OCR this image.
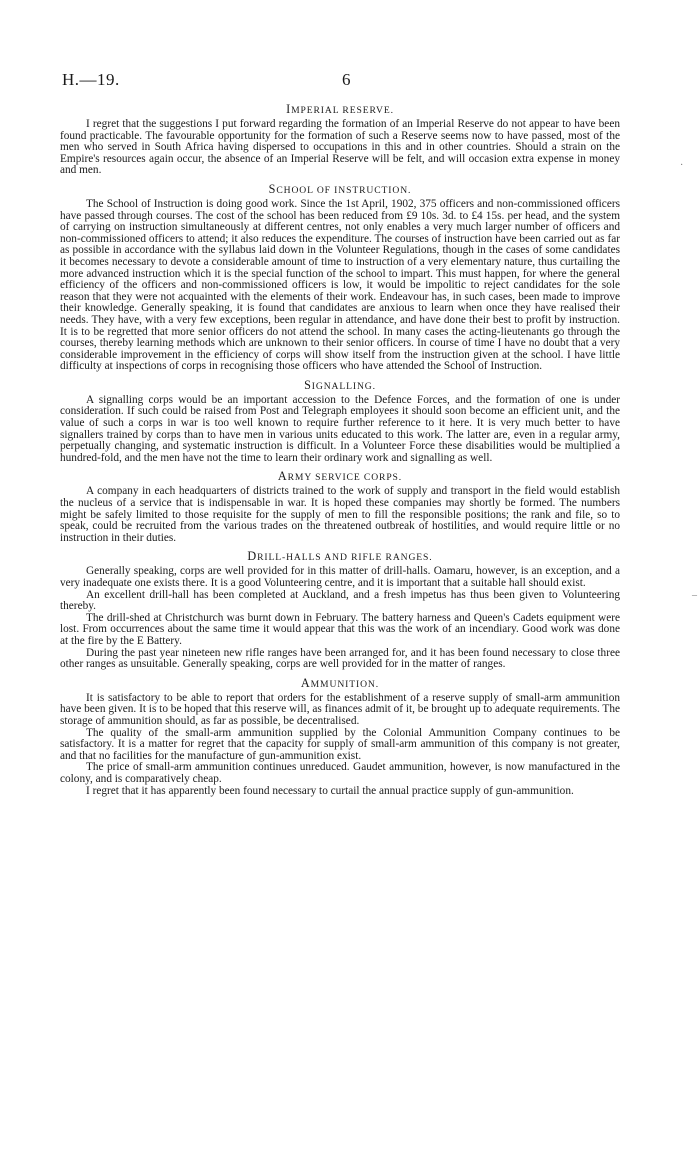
H.—19.	6

IMPERIAL RESERVE.

I regret that the suggestions I put forward regarding the formation of an Imperial Reserve do not appear to have been found practicable. The favourable opportunity for the formation of such a Reserve seems now to have passed, most of the men who served in South Africa having dispersed to occupations in this and in other countries. Should a strain on the Empire's resources again occur, the absence of an Imperial Reserve will be felt, and will occasion extra expense in money and men.

SCHOOL OF INSTRUCTION.

The School of Instruction is doing good work. Since the 1st April, 1902, 375 officers and non-commissioned officers have passed through courses. The cost of the school has been reduced from £9 10s. 3d. to £4 15s. per head, and the system of carrying on instruction simultaneously at different centres, not only enables a very much larger number of officers and non-commissioned officers to attend; it also reduces the expenditure. The courses of instruction have been carried out as far as possible in accordance with the syllabus laid down in the Volunteer Regulations, though in the cases of some candidates it becomes necessary to devote a considerable amount of time to instruction of a very elementary nature, thus curtailing the more advanced instruction which it is the special function of the school to impart. This must happen, for where the general efficiency of the officers and non-commissioned officers is low, it would be impolitic to reject candidates for the sole reason that they were not acquainted with the elements of their work. Endeavour has, in such cases, been made to improve their knowledge. Generally speaking, it is found that candidates are anxious to learn when once they have realised their needs. They have, with a very few exceptions, been regular in attendance, and have done their best to profit by instruction. It is to be regretted that more senior officers do not attend the school. In many cases the acting-lieutenants go through the courses, thereby learning methods which are unknown to their senior officers. In course of time I have no doubt that a very considerable improvement in the efficiency of corps will show itself from the instruction given at the school. I have little difficulty at inspections of corps in recognising those officers who have attended the School of Instruction.

SIGNALLING.

A signalling corps would be an important accession to the Defence Forces, and the formation of one is under consideration. If such could be raised from Post and Telegraph employees it should soon become an efficient unit, and the value of such a corps in war is too well known to require further reference to it here. It is very much better to have signallers trained by corps than to have men in various units educated to this work. The latter are, even in a regular army, perpetually changing, and systematic instruction is difficult. In a Volunteer Force these disabilities would be multiplied a hundred-fold, and the men have not the time to learn their ordinary work and signalling as well.

ARMY SERVICE CORPS.

A company in each headquarters of districts trained to the work of supply and transport in the field would establish the nucleus of a service that is indispensable in war. It is hoped these companies may shortly be formed. The numbers might be safely limited to those requisite for the supply of men to fill the responsible positions; the rank and file, so to speak, could be recruited from the various trades on the threatened outbreak of hostilities, and would require little or no instruction in their duties.

DRILL-HALLS AND RIFLE RANGES.

Generally speaking, corps are well provided for in this matter of drill-halls. Oamaru, however, is an exception, and a very inadequate one exists there. It is a good Volunteering centre, and it is important that a suitable hall should exist.

An excellent drill-hall has been completed at Auckland, and a fresh impetus has thus been given to Volunteering thereby.

The drill-shed at Christchurch was burnt down in February. The battery harness and Queen's Cadets equipment were lost. From occurrences about the same time it would appear that this was the work of an incendiary. Good work was done at the fire by the E Battery.

During the past year nineteen new rifle ranges have been arranged for, and it has been found necessary to close three other ranges as unsuitable. Generally speaking, corps are well provided for in the matter of ranges.

AMMUNITION.

It is satisfactory to be able to report that orders for the establishment of a reserve supply of small-arm ammunition have been given. It is to be hoped that this reserve will, as finances admit of it, be brought up to adequate requirements. The storage of ammunition should, as far as possible, be decentralised.

The quality of the small-arm ammunition supplied by the Colonial Ammunition Company continues to be satisfactory. It is a matter for regret that the capacity for supply of small-arm ammunition of this company is not greater, and that no facilities for the manufacture of gun-ammunition exist.

The price of small-arm ammunition continues unreduced. Gaudet ammunition, however, is now manufactured in the colony, and is comparatively cheap.

I regret that it has apparently been found necessary to curtail the annual practice supply of gun-ammunition.

·
–
